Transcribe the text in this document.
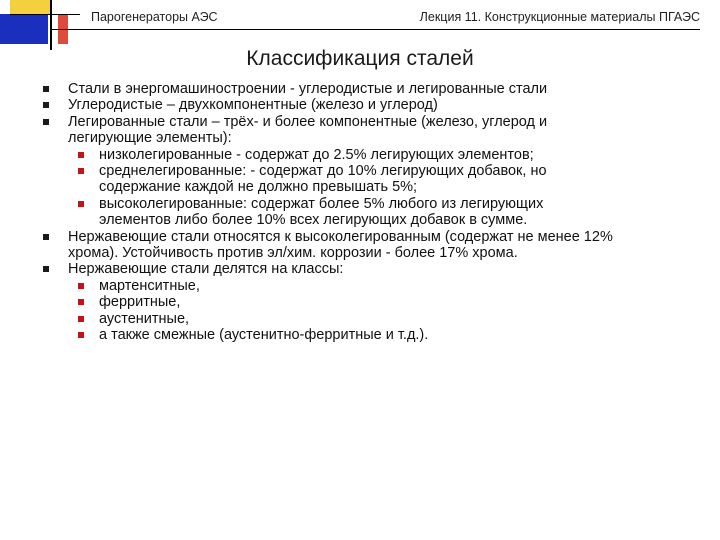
Парогенераторы АЭС	Лекция 11. Конструкционные материалы ПГАЭС
Классификация сталей
Стали в энергомашиностроении - углеродистые и легированные стали
Углеродистые – двухкомпонентные (железо и углерод)
Легированные стали – трёх- и более компонентные (железо, углерод и
легирующие элементы):
низколегированные - содержат до 2.5% легирующих элементов;
среднелегированные: - содержат до 10% легирующих добавок, но
содержание каждой не должно превышать 5%;
высоколегированные: содержат более 5% любого из легирующих
элементов либо более 10% всех легирующих добавок в сумме.
Нержавеющие стали относятся к высоколегированным (содержат не менее 12%
хрома). Устойчивость против эл/хим. коррозии - более 17% хрома.
Нержавеющие стали делятся на классы:
мартенситные,
ферритные,
аустенитные,
а также смежные (аустенитно-ферритные и т.д.).
